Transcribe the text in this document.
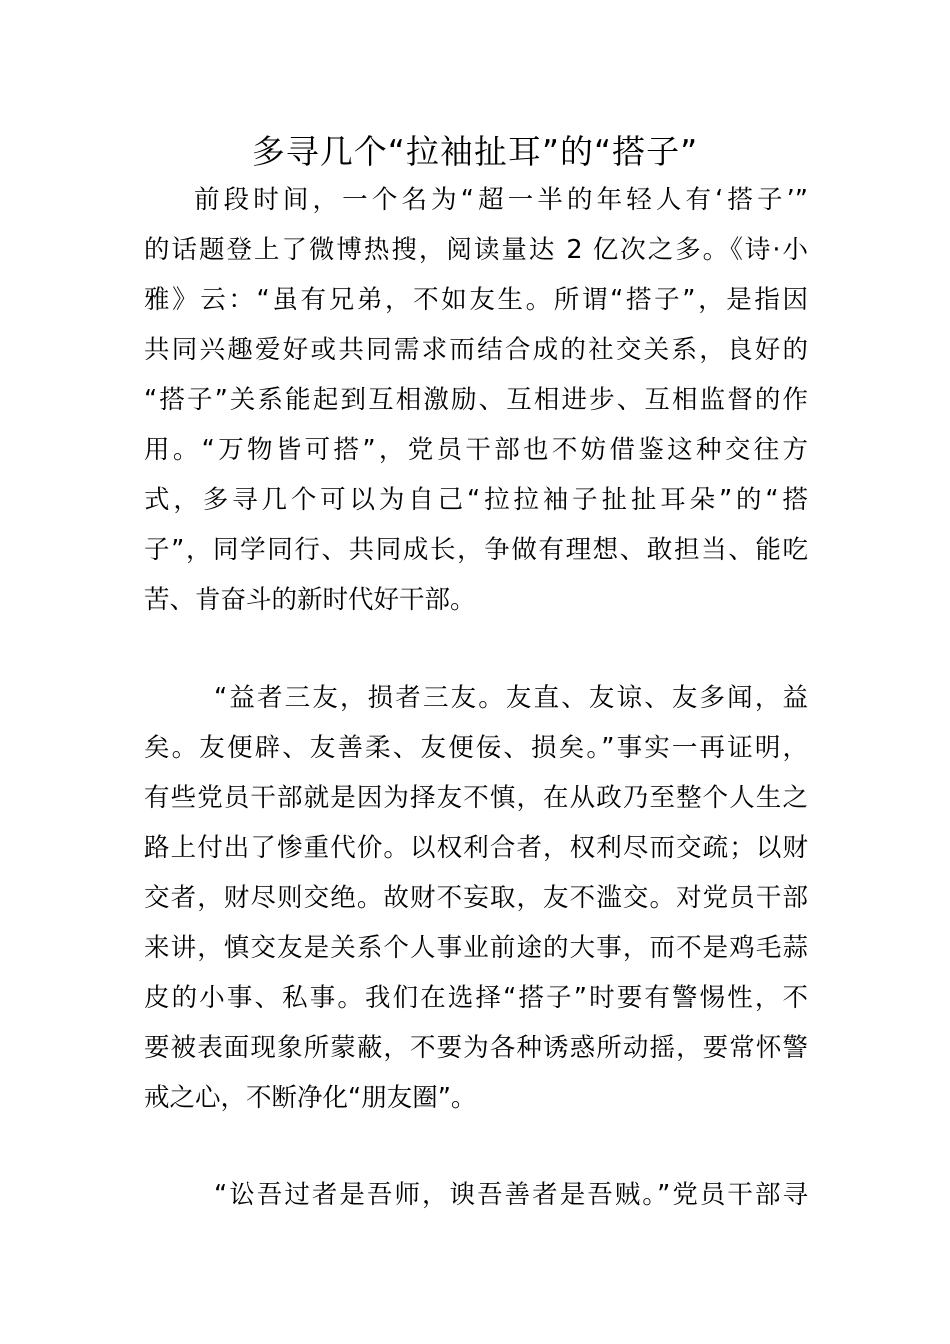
多寻几个“拉袖扯耳”的“搭子”
前段时间，一个名为“超一半的年轻人有‘搭子’”
的话题登上了微博热搜，阅读量达 2 亿次之多。《诗·小
雅》云：“虽有兄弟，不如友生。所谓“搭子”，是指因
共同兴趣爱好或共同需求而结合成的社交关系，良好的
“搭子”关系能起到互相激励、互相进步、互相监督的作
用。“万物皆可搭”，党员干部也不妨借鉴这种交往方
式，多寻几个可以为自己“拉拉袖子扯扯耳朵”的“搭
子”，同学同行、共同成长，争做有理想、敢担当、能吃
苦、肯奋斗的新时代好干部。
“益者三友，损者三友。友直、友谅、友多闻，益
矣。友便辟、友善柔、友便佞、损矣。”事实一再证明，
有些党员干部就是因为择友不慎，在从政乃至整个人生之
路上付出了惨重代价。以权利合者，权利尽而交疏；以财
交者，财尽则交绝。故财不妄取，友不滥交。对党员干部
来讲，慎交友是关系个人事业前途的大事，而不是鸡毛蒜
皮的小事、私事。我们在选择“搭子”时要有警惕性，不
要被表面现象所蒙蔽，不要为各种诱惑所动摇，要常怀警
戒之心，不断净化“朋友圈”。
“讼吾过者是吾师，谀吾善者是吾贼。”党员干部寻
